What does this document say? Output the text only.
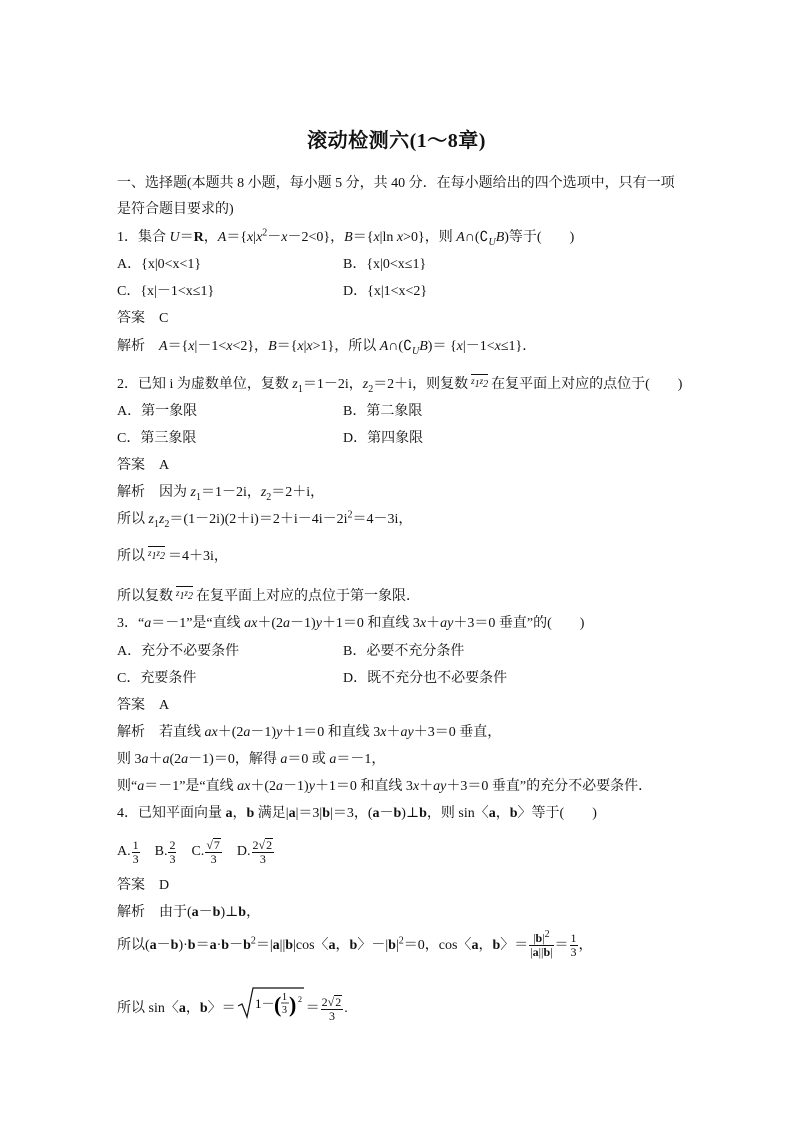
滚动检测六(1～8章)
一、选择题(本题共 8 小题，每小题 5 分，共 40 分．在每小题给出的四个选项中，只有一项
是符合题目要求的)
1．集合 U＝R，$A=\{x|x^2-x-2<0\}$，B＝{x|ln x>0}，则 $A\cap(∁_UB)$等于(　　)
A．{x|0<x<1}	B．{x|0<x≤1}
C．{x|－1<x≤1}	D．{x|1<x<2}
答案　 C
解析　 A＝{x|－1<x<2}，B＝{x|x>1}，所以 $A\cap(∁_UB)= \{x|-1<x\le 1\}$．
2．已知 i 为虚数单位，复数 $z_1=1-2i$，$z_2=2+i$，则复数 $z_1z_2$ 在复平面上对应的点位于(　　)
A．第一象限	B．第二象限
C．第三象限	D．第四象限
答案　 A
解析　因为 $z_1=1-2i$，$z_2=2+i$，
所以 $z_1z_2=(1-2i)(2+i)=2+i-4i-2i^2=4-3i$，
所以 $z_1z_2 =4+3i$，
所以复数 $z_1z_2$ 在复平面上对应的点位于第一象限．
3．“a＝－1”是“直线 ax＋(2a－1)y＋1＝0 和直线 3x＋ay＋3＝0 垂直”的(　　)
A．充分不必要条件	B．必要不充分条件
C．充要条件	D．既不充分也不必要条件
答案　 A
解析　若直线 ax＋(2a－1)y＋1＝0 和直线 3x＋ay＋3＝0 垂直，
则 3a＋a(2a－1)＝0，解得 a＝0 或 a＝－1，
则“a＝－1”是“直线 ax＋(2a－1)y＋1＝0 和直线 3x＋ay＋3＝0 垂直”的充分不必要条件．
4．已知平面向量 a，b 满足|a|＝3|b|＝3，(a－b)⊥b，则 sin〈a，b〉等于(　　)
A. $\frac{1}{3}$ 　B. $\frac{2}{3}$ 　C. $\frac{√7}{3}$ 　D. $\frac{2√2}{3}$
答案　 D
解析　由于(a－b)⊥b，
所以$(a-b)\cdot b=a\cdot b-b^2=|a||b|\cos$〈a，b〉$-|b|^2=0$，cos〈a，b〉＝ $\frac{|b|^2}{|a||b|} = \frac{1}{3}$ ，
所以 sin〈a，b〉＝ 1－ ( 1
3 ) 2
＝ $\frac{2√2}{3}$ .
